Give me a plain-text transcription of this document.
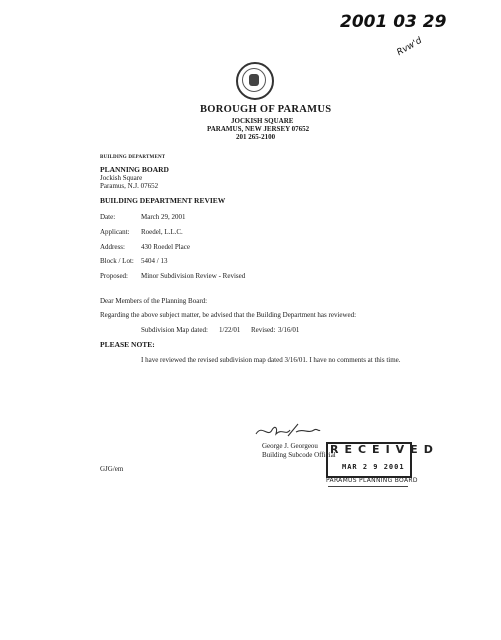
2001 03 29
Rvw'd
BOROUGH OF PARAMUS
JOCKISH SQUARE
PARAMUS, NEW JERSEY 07652
201 265-2100
BUILDING DEPARTMENT
PLANNING BOARD
Jockish Square
Paramus, N.J. 07652
BUILDING DEPARTMENT REVIEW
Date:	March 29, 2001
Applicant: Roedel, L.L.C.
Address: 430 Roedel Place
Block / Lot: 5404 / 13
Proposed: Minor Subdivision Review - Revised
Dear Members of the Planning Board:
Regarding the above subject matter, be advised that the Building Department has reviewed:
Subdivision Map dated: 1/22/01 Revised: 3/16/01
PLEASE NOTE:
I have reviewed the revised subdivision map dated 3/16/01. I have no comments at this time.
George J. Georgeou
Building Subcode Official
GJG/em
RECEIVED
MAR 2 9 2001
PARAMUS PLANNING BOARD
